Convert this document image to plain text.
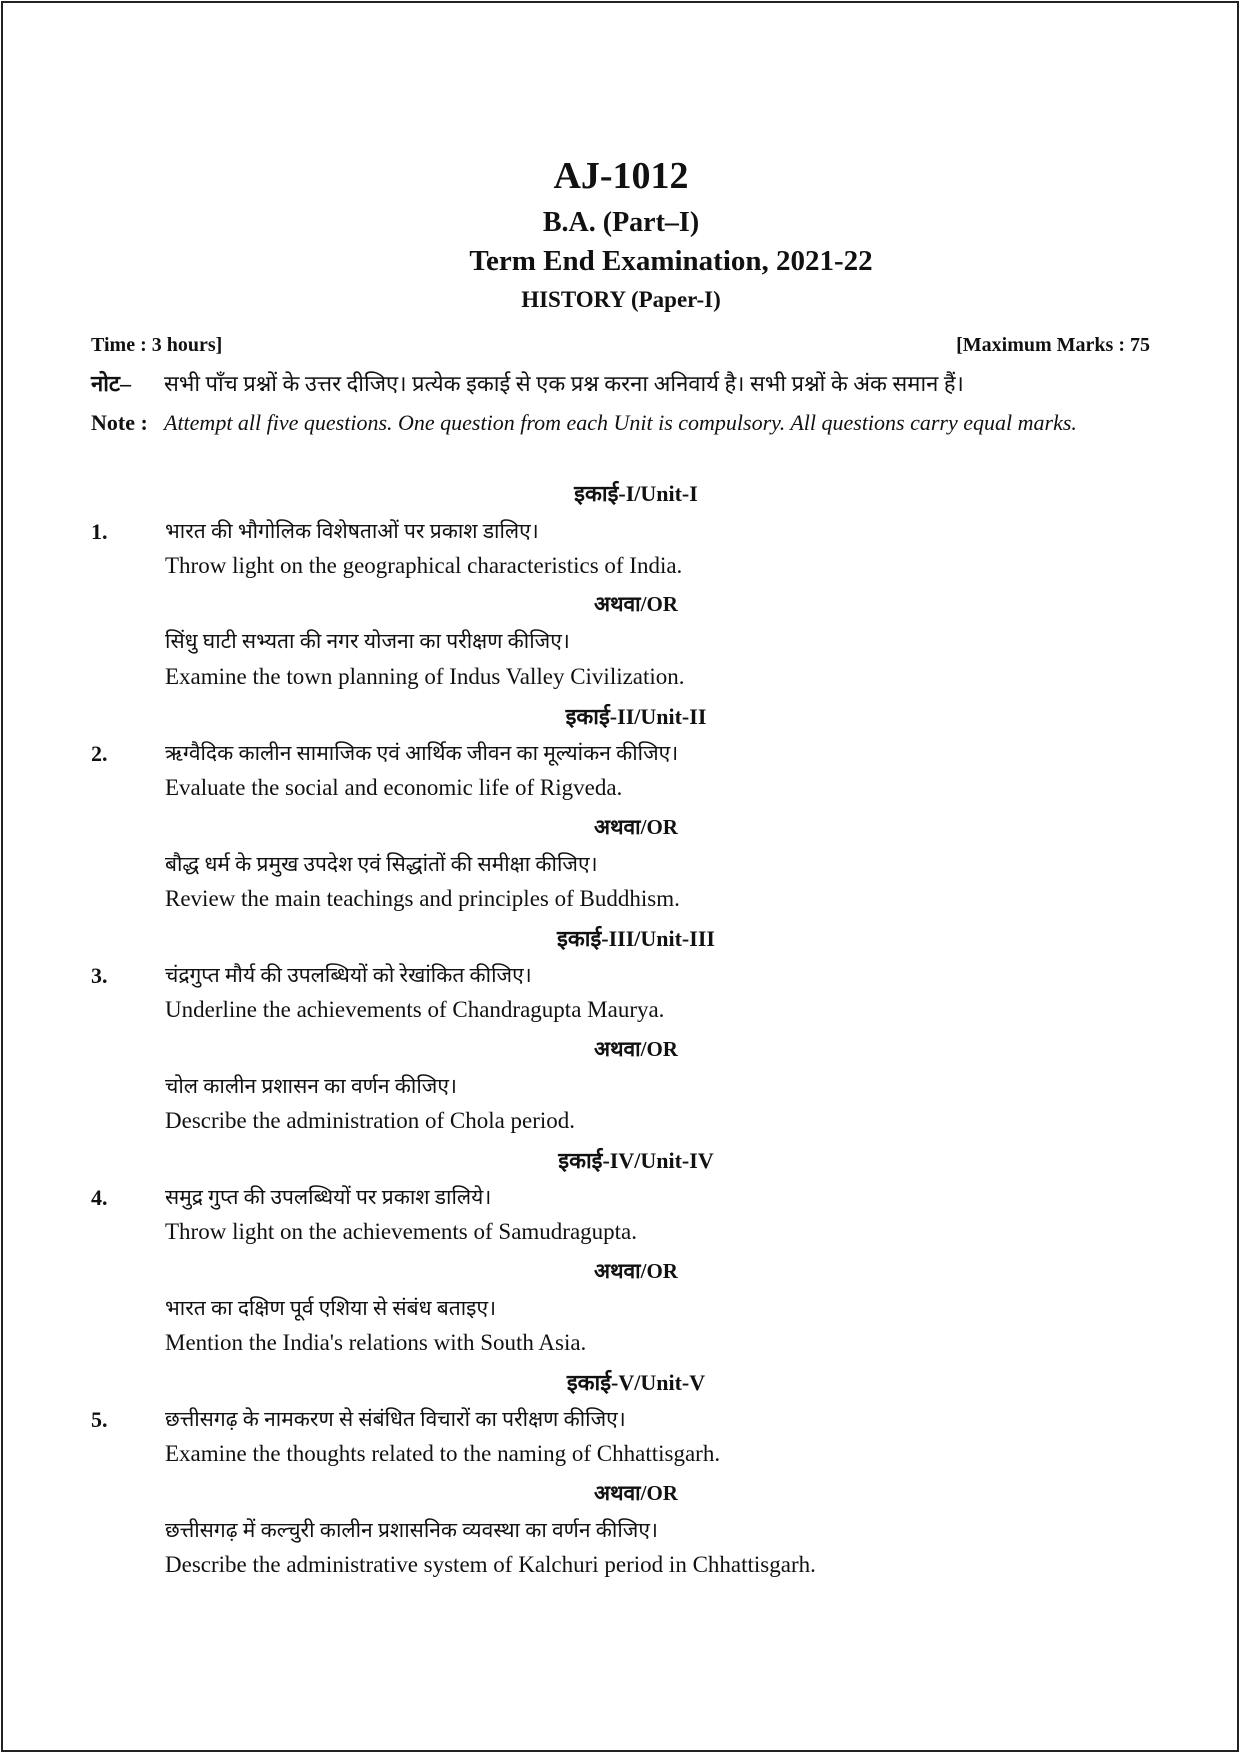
AJ-1012
B.A. (Part–I)
Term End Examination, 2021-22
HISTORY (Paper-I)
Time : 3 hours]	[Maximum Marks : 75
नोट– सभी पाँच प्रश्नों के उत्तर दीजिए। प्रत्येक इकाई से एक प्रश्न करना अनिवार्य है। सभी प्रश्नों के अंक समान हैं।
Note : Attempt all five questions. One question from each Unit is compulsory. All questions carry equal marks.
इकाई-I/Unit-I
1.	भारत की भौगोलिक विशेषताओं पर प्रकाश डालिए।
Throw light on the geographical characteristics of India.
अथवा/OR
सिंधु घाटी सभ्यता की नगर योजना का परीक्षण कीजिए।
Examine the town planning of Indus Valley Civilization.
इकाई-II/Unit-II
2.	ऋग्वैदिक कालीन सामाजिक एवं आर्थिक जीवन का मूल्यांकन कीजिए।
Evaluate the social and economic life of Rigveda.
अथवा/OR
बौद्ध धर्म के प्रमुख उपदेश एवं सिद्धांतों की समीक्षा कीजिए।
Review the main teachings and principles of Buddhism.
इकाई-III/Unit-III
3.	चंद्रगुप्त मौर्य की उपलब्धियों को रेखांकित कीजिए।
Underline the achievements of Chandragupta Maurya.
अथवा/OR
चोल कालीन प्रशासन का वर्णन कीजिए।
Describe the administration of Chola period.
इकाई-IV/Unit-IV
4.	समुद्र गुप्त की उपलब्धियों पर प्रकाश डालिये।
Throw light on the achievements of Samudragupta.
अथवा/OR
भारत का दक्षिण पूर्व एशिया से संबंध बताइए।
Mention the India's relations with South Asia.
इकाई-V/Unit-V
5.	छत्तीसगढ़ के नामकरण से संबंधित विचारों का परीक्षण कीजिए।
Examine the thoughts related to the naming of Chhattisgarh.
अथवा/OR
छत्तीसगढ़ में कल्चुरी कालीन प्रशासनिक व्यवस्था का वर्णन कीजिए।
Describe the administrative system of Kalchuri period in Chhattisgarh.
